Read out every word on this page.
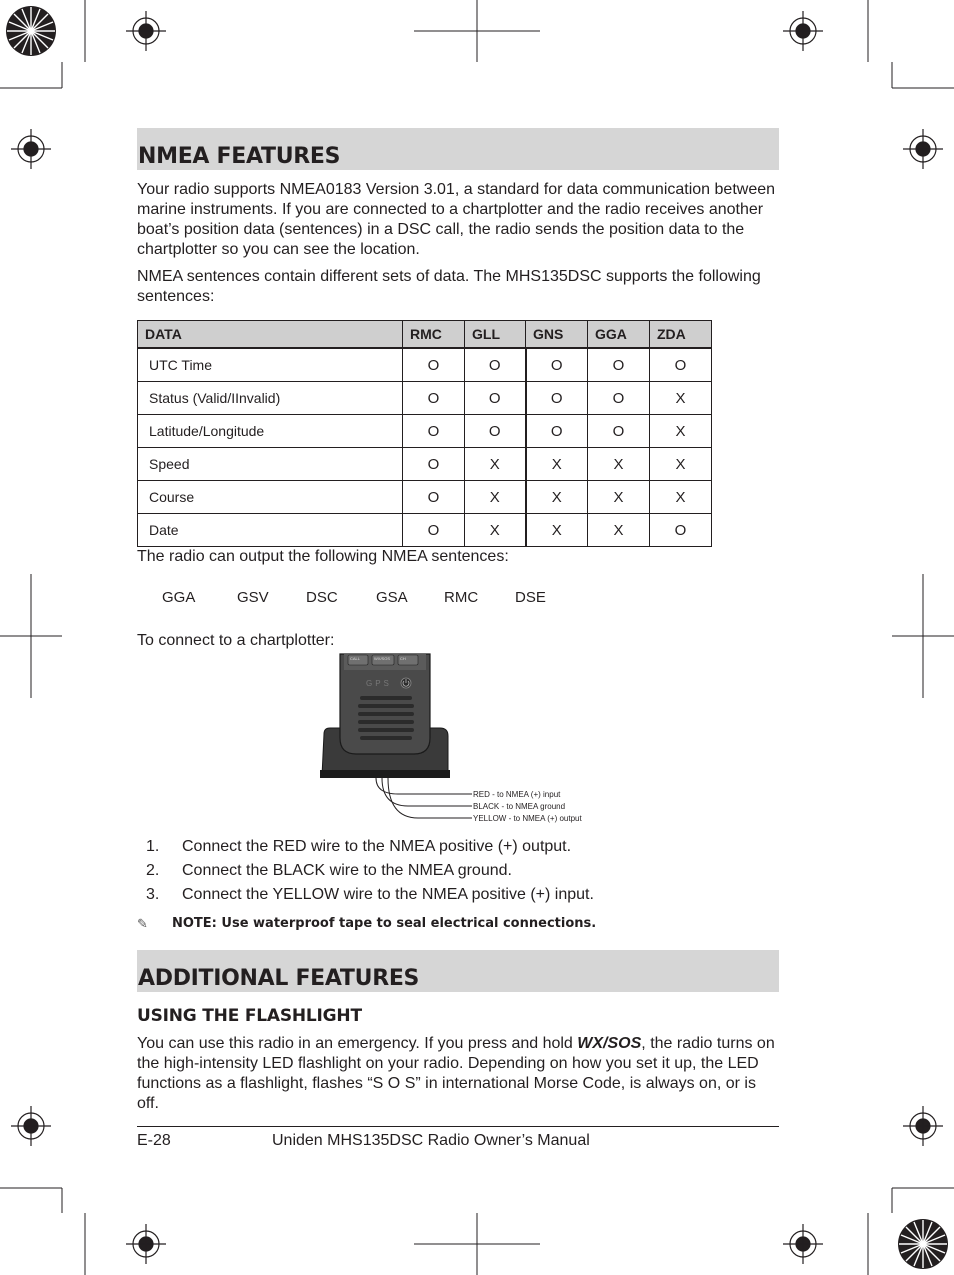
NMEA FEATURES

Your radio supports NMEA0183 Version 3.01, a standard for data communication between marine instruments. If you are connected to a chartplotter and the radio receives another boat’s position data (sentences) in a DSC call, the radio sends the position data to the chartplotter so you can see the location.

NMEA sentences contain different sets of data. The MHS135DSC supports the following sentences:

DATA	RMC	GLL	GNS	GGA	ZDA
UTC Time	O	O	O	O	O
Status (Valid/IInvalid)	O	O	O	O	X
Latitude/Longitude	O	O	O	O	X
Speed	O	X	X	X	X
Course	O	X	X	X	X
Date	O	X	X	X	O

The radio can output the following NMEA sentences:

GGA	GSV DSC	GSA RMC DSE

To connect to a chartplotter:

CALL	WX/SOS CH
GPS
RED - to NMEA (+) input
BLACK - to NMEA ground
YELLOW - to NMEA (+) output
1. Connect the RED wire to the NMEA positive (+) output.
2. Connect the BLACK wire to the NMEA ground.
3. Connect the YELLOW wire to the NMEA positive (+) input.
✎ NOTE: Use waterproof tape to seal electrical connections.
ADDITIONAL FEATURES
USING THE FLASHLIGHT

You can use this radio in an emergency. If you press and hold WX/SOS, the radio turns on the high-intensity LED flashlight on your radio. Depending on how you set it up, the LED functions as a flashlight, flashes “S O S” in international Morse Code, is always on, or is off.

E-28	Uniden MHS135DSC Radio Owner’s Manual
